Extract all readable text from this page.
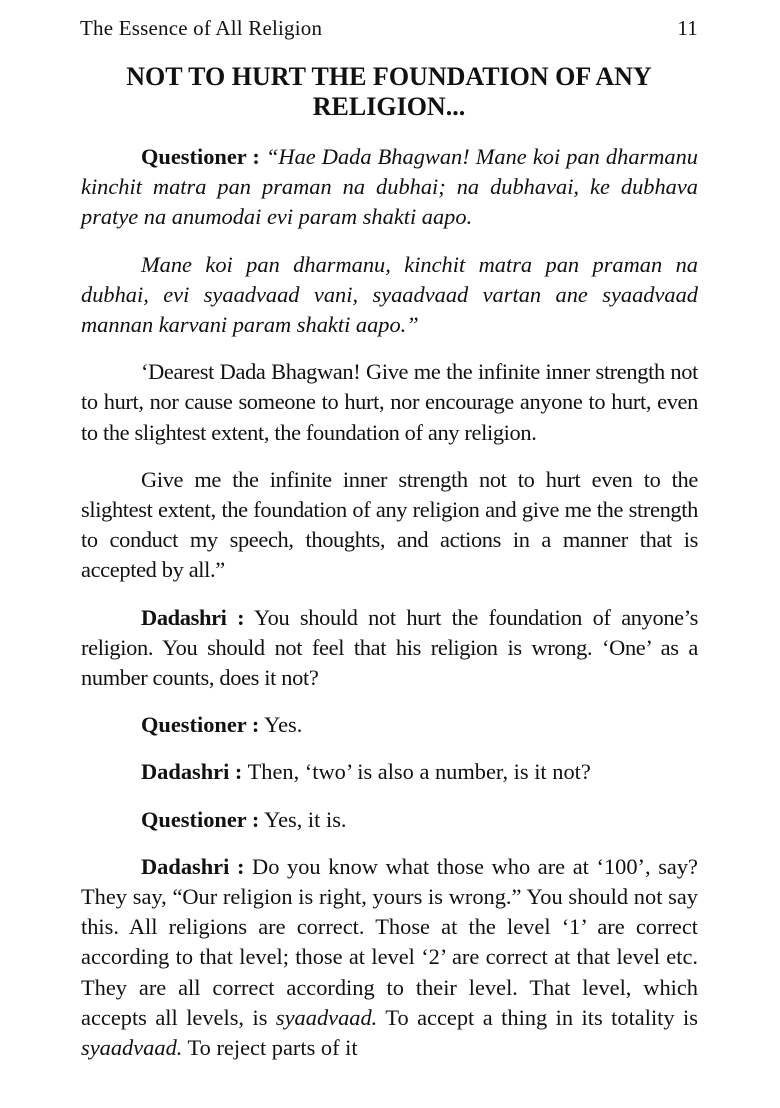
The Essence of All Religion	11
NOT TO HURT THE FOUNDATION OF ANY
RELIGION...

Questioner : “Hae Dada Bhagwan! Mane koi pan dharmanu kinchit matra pan praman na dubhai; na dubhavai, ke dubhava pratye na anumodai evi param shakti aapo.

Mane koi pan dharmanu, kinchit matra pan praman na dubhai, evi syaadvaad vani, syaadvaad vartan ane syaadvaad mannan karvani param shakti aapo.”

‘Dearest Dada Bhagwan! Give me the infinite inner strength not to hurt, nor cause someone to hurt, nor encourage anyone to hurt, even to the slightest extent, the foundation of any religion.

Give me the infinite inner strength not to hurt even to the slightest extent, the foundation of any religion and give me the strength to conduct my speech, thoughts, and actions in a manner that is accepted by all.”

Dadashri : You should not hurt the foundation of anyone’s religion. You should not feel that his religion is wrong. ‘One’ as a number counts, does it not?

Questioner : Yes.

Dadashri : Then, ‘two’ is also a number, is it not?

Questioner : Yes, it is.

Dadashri : Do you know what those who are at ‘100’, say? They say, “Our religion is right, yours is wrong.” You should not say this. All religions are correct. Those at the level ‘1’ are correct according to that level; those at level ‘2’ are correct at that level etc. They are all correct according to their level. That level, which accepts all levels, is syaadvaad. To accept a thing in its totality is syaadvaad. To reject parts of it
